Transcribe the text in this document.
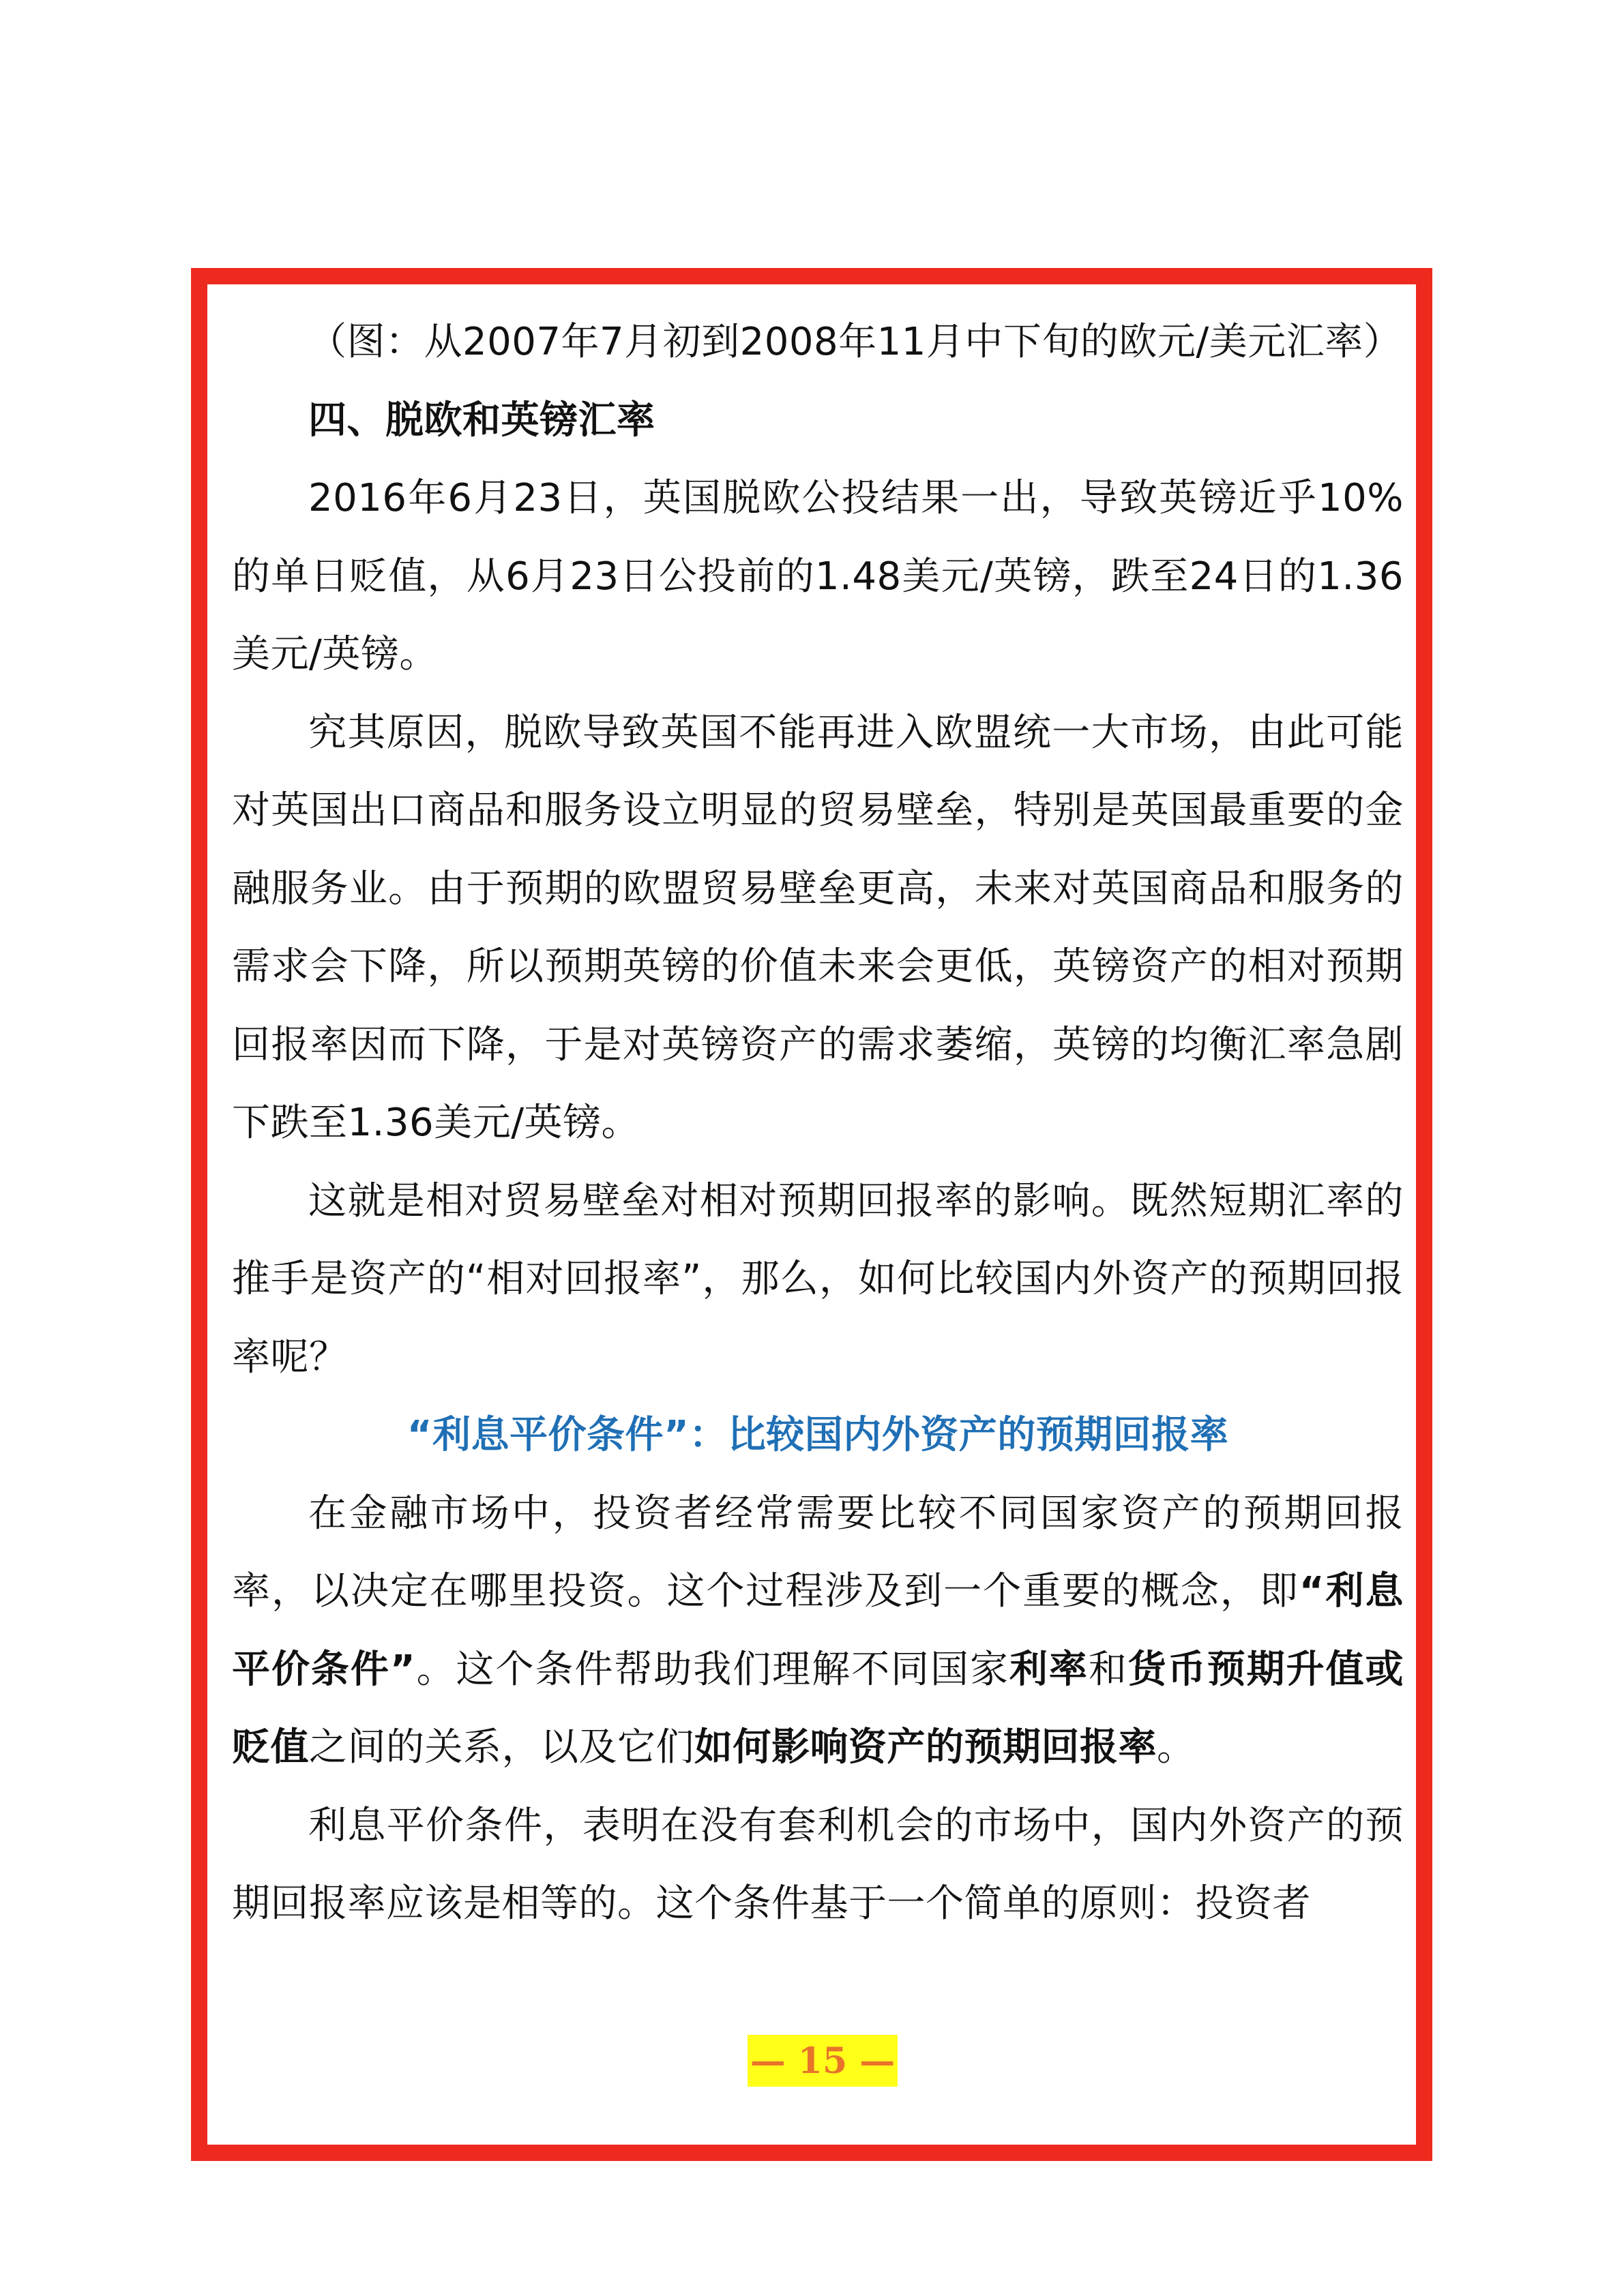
（图：从2007年7月初到2008年11月中下旬的欧元/美元汇率）

四、脱欧和英镑汇率

2016年6月23日，英国脱欧公投结果一出，导致英镑近乎10%的单日贬值，从6月23日公投前的1.48美元/英镑，跌至24日的1.36美元/英镑。

究其原因，脱欧导致英国不能再进入欧盟统一大市场，由此可能对英国出口商品和服务设立明显的贸易壁垒，特别是英国最重要的金融服务业。由于预期的欧盟贸易壁垒更高，未来对英国商品和服务的需求会下降，所以预期英镑的价值未来会更低，英镑资产的相对预期回报率因而下降，于是对英镑资产的需求萎缩，英镑的均衡汇率急剧下跌至1.36美元/英镑。

这就是相对贸易壁垒对相对预期回报率的影响。既然短期汇率的推手是资产的“相对回报率”，那么，如何比较国内外资产的预期回报率呢？

“利息平价条件”：比较国内外资产的预期回报率

在金融市场中，投资者经常需要比较不同国家资产的预期回报率，以决定在哪里投资。这个过程涉及到一个重要的概念，即“利息平价条件”。这个条件帮助我们理解不同国家利率和货币预期升值或贬值之间的关系，以及它们如何影响资产的预期回报率。

利息平价条件，表明在没有套利机会的市场中，国内外资产的预期回报率应该是相等的。这个条件基于一个简单的原则：投资者

— 15 —
